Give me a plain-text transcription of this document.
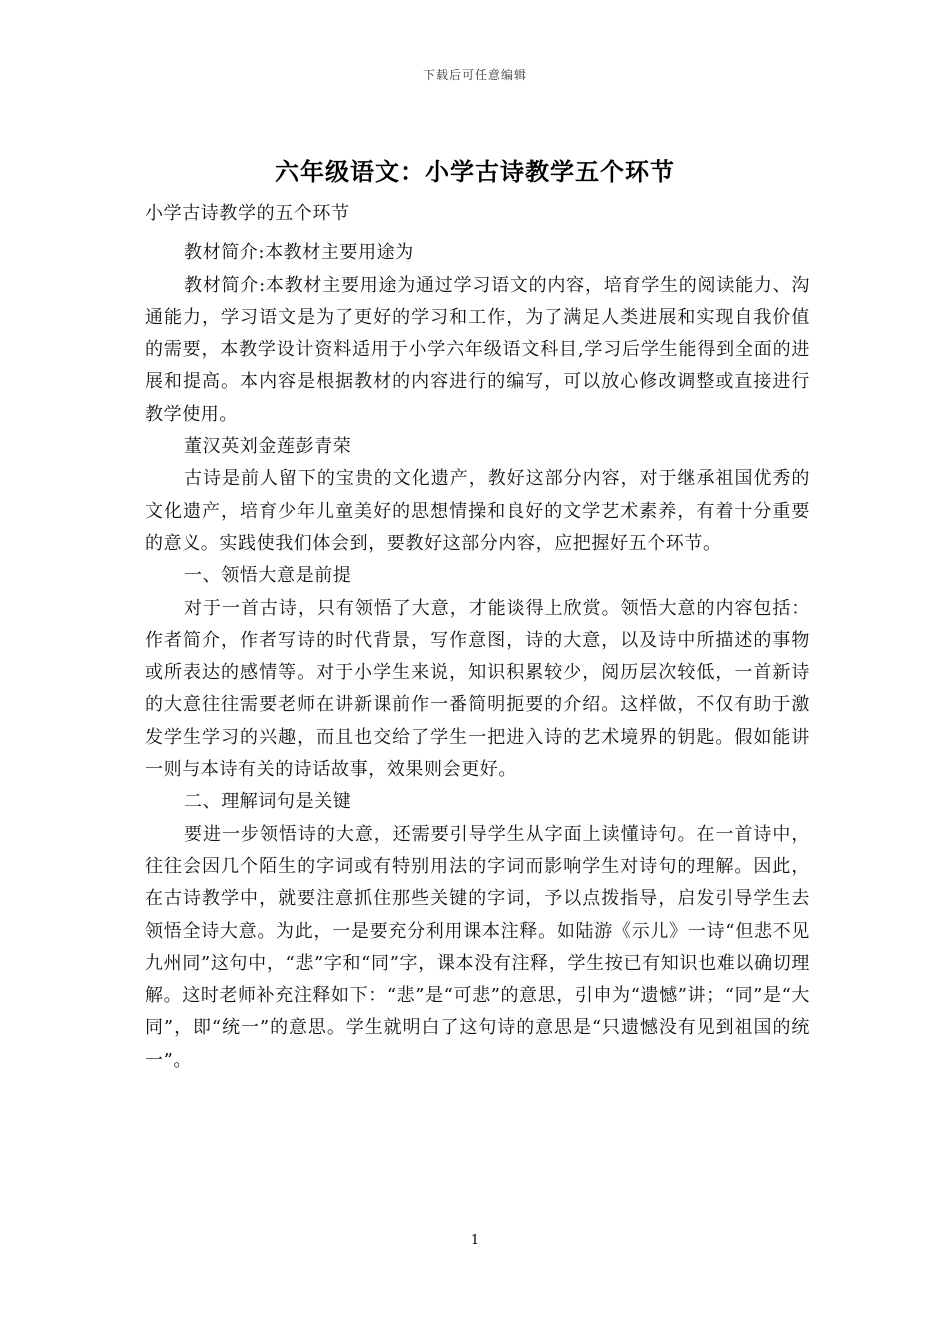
下载后可任意编辑
六年级语文：小学古诗教学五个环节

小学古诗教学的五个环节

教材简介:本教材主要用途为

教材简介:本教材主要用途为通过学习语文的内容，培育学生的阅读能力、沟通能力，学习语文是为了更好的学习和工作，为了满足人类进展和实现自我价值的需要，本教学设计资料适用于小学六年级语文科目,学习后学生能得到全面的进展和提高。本内容是根据教材的内容进行的编写，可以放心修改调整或直接进行教学使用。

董汉英刘金莲彭青荣

古诗是前人留下的宝贵的文化遗产，教好这部分内容，对于继承祖国优秀的文化遗产，培育少年儿童美好的思想情操和良好的文学艺术素养，有着十分重要的意义。实践使我们体会到，要教好这部分内容，应把握好五个环节。

一、领悟大意是前提

对于一首古诗，只有领悟了大意，才能谈得上欣赏。领悟大意的内容包括：作者简介，作者写诗的时代背景，写作意图，诗的大意，以及诗中所描述的事物或所表达的感情等。对于小学生来说，知识积累较少，阅历层次较低，一首新诗的大意往往需要老师在讲新课前作一番简明扼要的介绍。这样做，不仅有助于激发学生学习的兴趣，而且也交给了学生一把进入诗的艺术境界的钥匙。假如能讲一则与本诗有关的诗话故事，效果则会更好。

二、理解词句是关键

要进一步领悟诗的大意，还需要引导学生从字面上读懂诗句。在一首诗中，往往会因几个陌生的字词或有特别用法的字词而影响学生对诗句的理解。因此，在古诗教学中，就要注意抓住那些关键的字词，予以点拨指导，启发引导学生去领悟全诗大意。为此，一是要充分利用课本注释。如陆游《示儿》一诗“但悲不见九州同”这句中，“悲”字和“同”字，课本没有注释，学生按已有知识也难以确切理解。这时老师补充注释如下：“悲”是“可悲”的意思，引申为“遗憾”讲；“同”是“大同”，即“统一”的意思。学生就明白了这句诗的意思是“只遗憾没有见到祖国的统一”。

1
